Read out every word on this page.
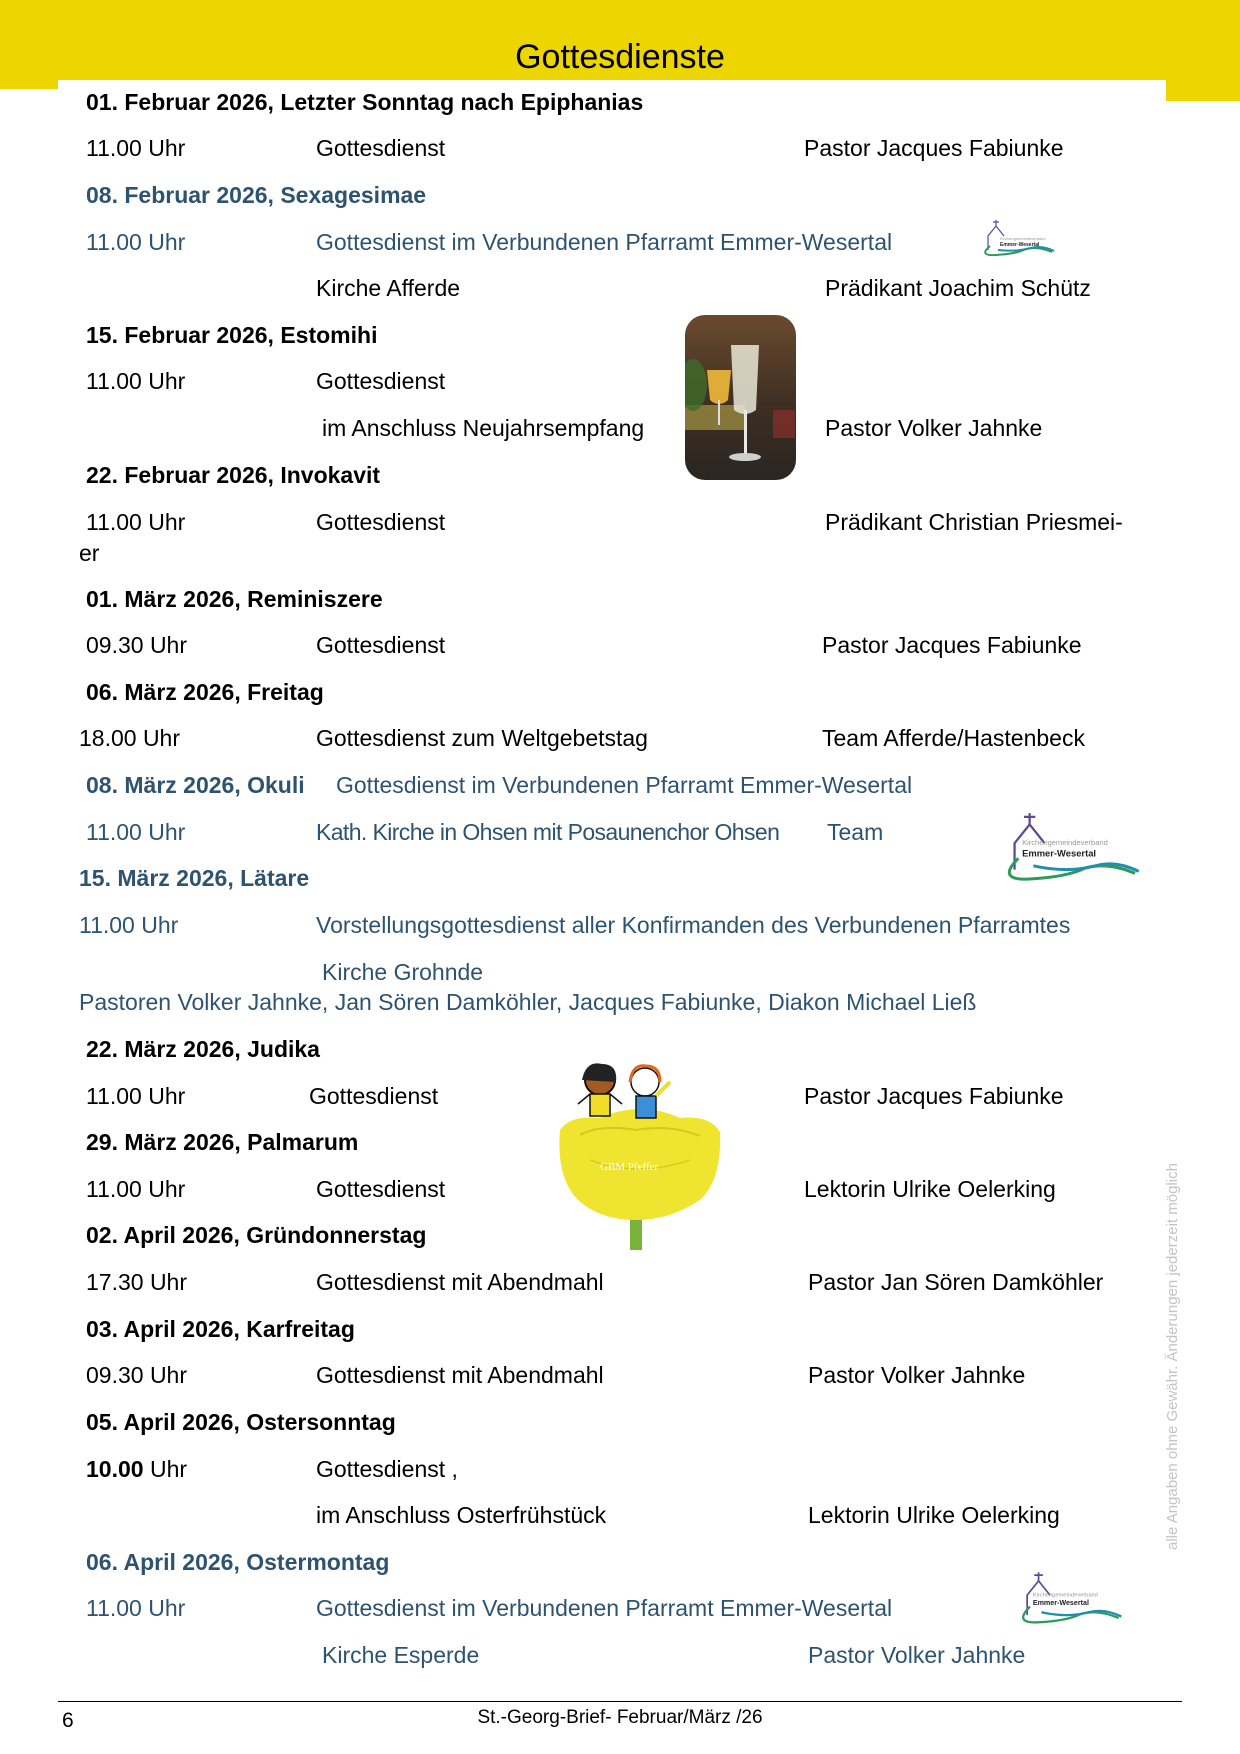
Gottesdienste
01. Februar 2026, Letzter Sonntag nach Epiphanias
11.00 Uhr	Gottesdienst	Pastor Jacques Fabiunke
08. Februar 2026, Sexagesimae
11.00 Uhr	Gottesdienst im Verbundenen Pfarramt Emmer-Wesertal	Kirchengemeindeverband
Emmer-Wesertal
Kirche Afferde	Prädikant Joachim Schütz
15. Februar 2026, Estomihi
11.00 Uhr	Gottesdienst
im Anschluss Neujahrsempfang	Pastor Volker Jahnke
22. Februar 2026, Invokavit
11.00 Uhr	Gottesdienst	Prädikant Christian Priesmei-
er
01. März 2026, Reminiszere
09.30 Uhr	Gottesdienst	Pastor Jacques Fabiunke
06. März 2026, Freitag
18.00 Uhr	Gottesdienst zum Weltgebetstag	Team Afferde/Hastenbeck
08. März 2026, Okuli Gottesdienst im Verbundenen Pfarramt Emmer-Wesertal
11.00 Uhr	Kath. Kirche in Ohsen mit Posaunenchor Ohsen Team	Kirchengemeindeverband
Emmer-Wesertal
15. März 2026, Lätare
11.00 Uhr	Vorstellungsgottesdienst aller Konfirmanden des Verbundenen Pfarramtes
Kirche Grohnde
Pastoren Volker Jahnke, Jan Sören Damköhler, Jacques Fabiunke, Diakon Michael Ließ
22. März 2026, Judika
11.00 Uhr	Gottesdienst	Pastor Jacques Fabiunke
29. März 2026, Palmarum
11.00 Uhr	Gottesdienst	Lektorin Ulrike Oelerking
GBM Pfeffer
02. April 2026, Gründonnerstag
17.30 Uhr	Gottesdienst mit Abendmahl	Pastor Jan Sören Damköhler
03. April 2026, Karfreitag
09.30 Uhr	Gottesdienst mit Abendmahl	Pastor Volker Jahnke
05. April 2026, Ostersonntag
10.00 Uhr	Gottesdienst ,
im Anschluss Osterfrühstück	Lektorin Ulrike Oelerking
06. April 2026, Ostermontag
11.00 Uhr	Gottesdienst im Verbundenen Pfarramt Emmer-Wesertal	Kirchengemeindeverband
Emmer-Wesertal
Kirche Esperde	Pastor Volker Jahnke
alle Angaben ohne Gewähr. Änderungen jederzeit möglich
6	St.-Georg-Brief- Februar/März /26
